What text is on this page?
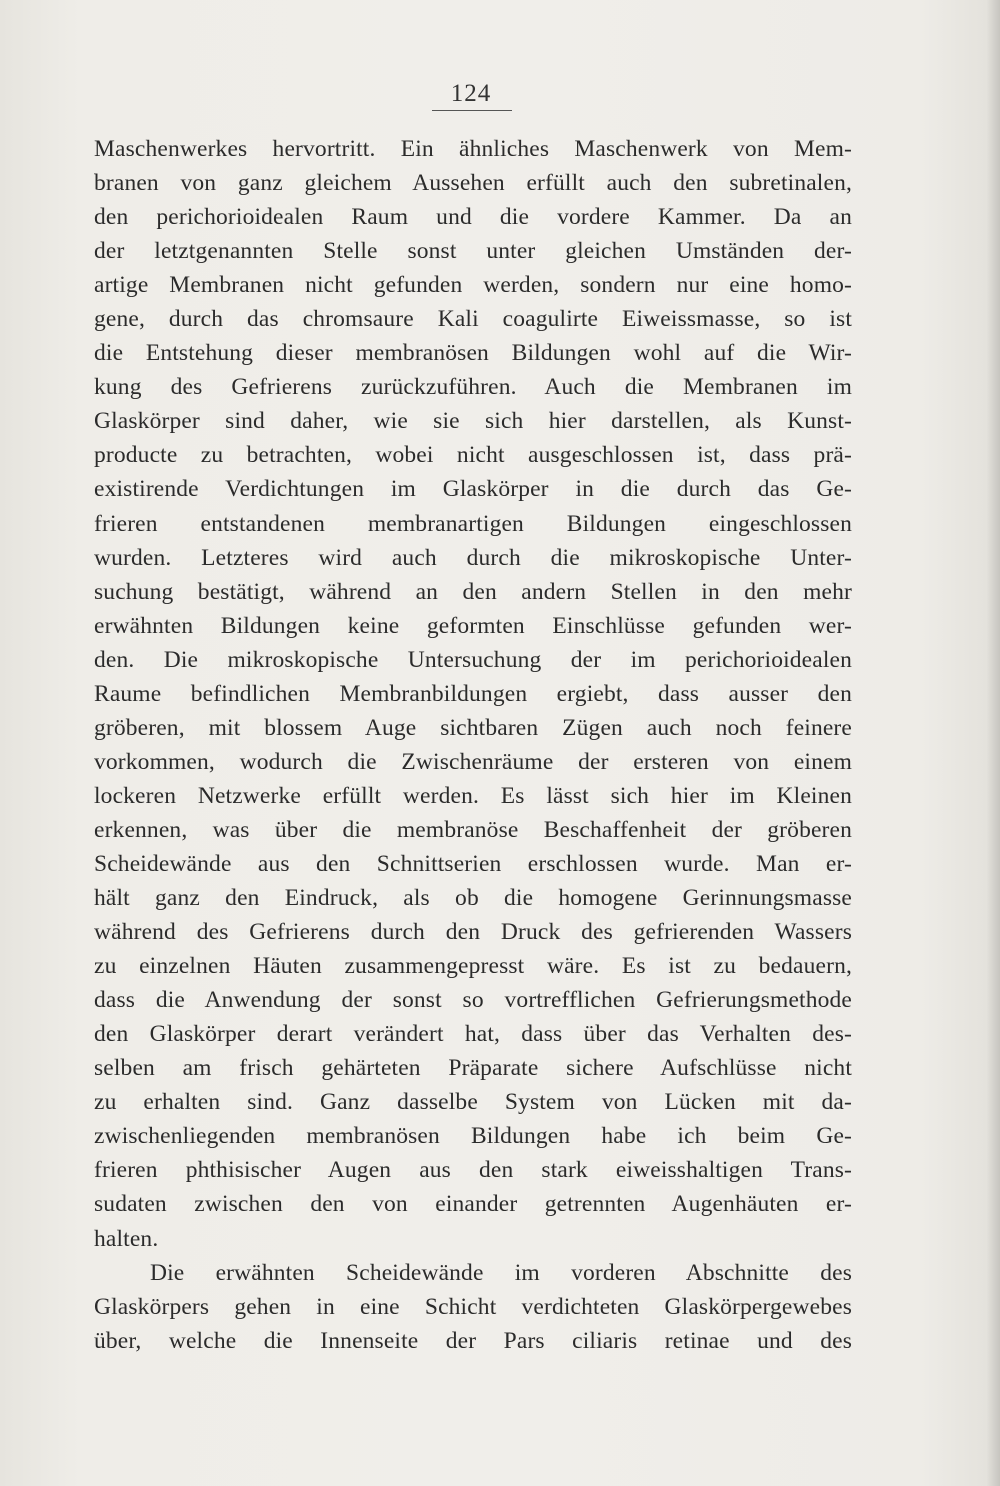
124
Maschenwerkes hervortritt. Ein ähnliches Maschenwerk von Mem-
branen von ganz gleichem Aussehen erfüllt auch den subretinalen,
den perichorioidealen Raum und die vordere Kammer. Da an
der letztgenannten Stelle sonst unter gleichen Umständen der-
artige Membranen nicht gefunden werden, sondern nur eine homo-
gene, durch das chromsaure Kali coagulirte Eiweissmasse, so ist
die Entstehung dieser membranösen Bildungen wohl auf die Wir-
kung des Gefrierens zurückzuführen. Auch die Membranen im
Glaskörper sind daher, wie sie sich hier darstellen, als Kunst-
producte zu betrachten, wobei nicht ausgeschlossen ist, dass prä-
existirende Verdichtungen im Glaskörper in die durch das Ge-
frieren entstandenen membranartigen Bildungen eingeschlossen
wurden. Letzteres wird auch durch die mikroskopische Unter-
suchung bestätigt, während an den andern Stellen in den mehr
erwähnten Bildungen keine geformten Einschlüsse gefunden wer-
den. Die mikroskopische Untersuchung der im perichorioidealen
Raume befindlichen Membranbildungen ergiebt, dass ausser den
gröberen, mit blossem Auge sichtbaren Zügen auch noch feinere
vorkommen, wodurch die Zwischenräume der ersteren von einem
lockeren Netzwerke erfüllt werden. Es lässt sich hier im Kleinen
erkennen, was über die membranöse Beschaffenheit der gröberen
Scheidewände aus den Schnittserien erschlossen wurde. Man er-
hält ganz den Eindruck, als ob die homogene Gerinnungsmasse
während des Gefrierens durch den Druck des gefrierenden Wassers
zu einzelnen Häuten zusammengepresst wäre. Es ist zu bedauern,
dass die Anwendung der sonst so vortrefflichen Gefrierungsmethode
den Glaskörper derart verändert hat, dass über das Verhalten des-
selben am frisch gehärteten Präparate sichere Aufschlüsse nicht
zu erhalten sind. Ganz dasselbe System von Lücken mit da-
zwischenliegenden membranösen Bildungen habe ich beim Ge-
frieren phthisischer Augen aus den stark eiweisshaltigen Trans-
sudaten zwischen den von einander getrennten Augenhäuten er-
halten.
Die erwähnten Scheidewände im vorderen Abschnitte des
Glaskörpers gehen in eine Schicht verdichteten Glaskörpergewebes
über, welche die Innenseite der Pars ciliaris retinae und des
